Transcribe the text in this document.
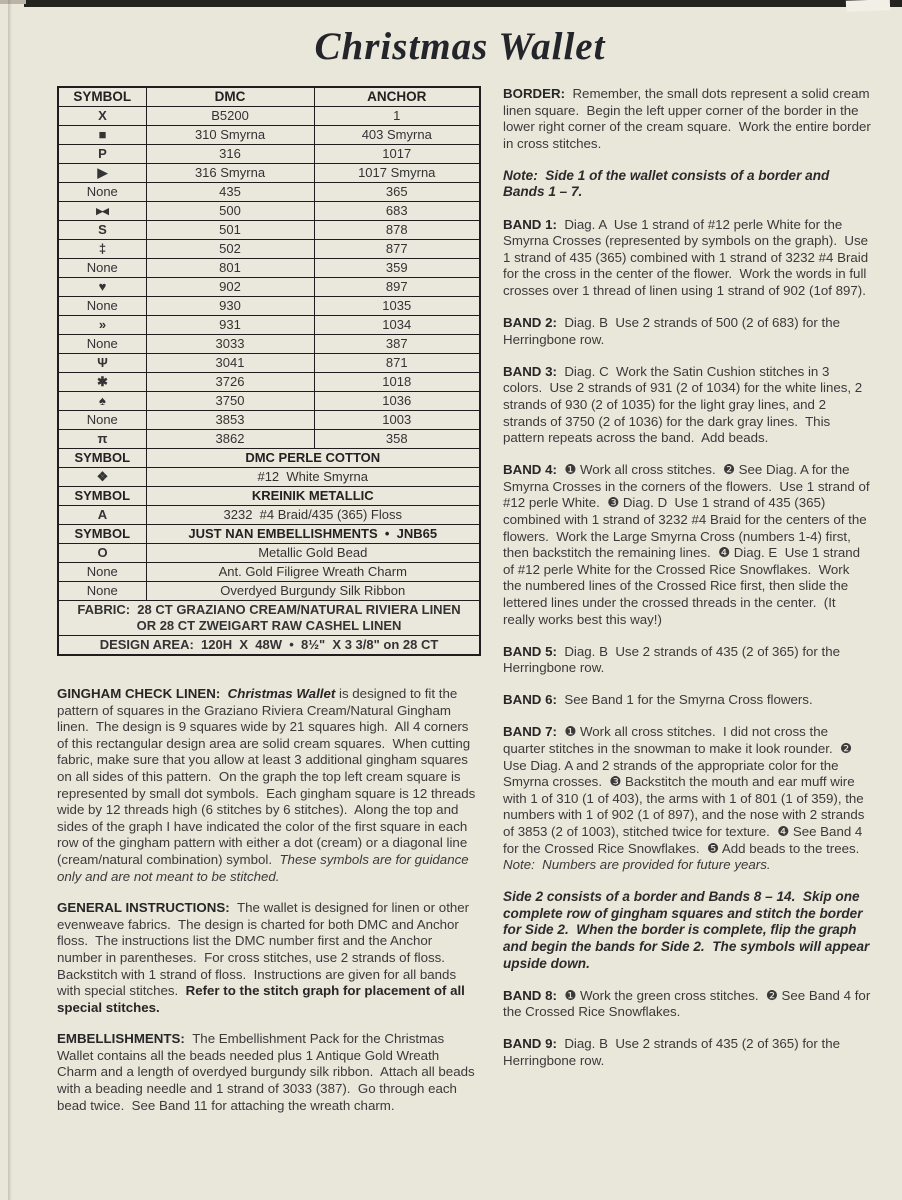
Christmas Wallet
SYMBOL	DMC	ANCHOR
X	B5200	1
■	310 Smyrna	403 Smyrna
P	316	1017
▶	316 Smyrna	1017 Smyrna
None	435	365
▸◂	500	683
S	501	878
‡	502	877
None	801	359
♥	902	897
None	930	1035
»	931	1034
None	3033	387
Ψ	3041	871
✱	3726	1018
♠	3750	1036
None	3853	1003
π	3862	358
SYMBOL	DMC PERLE COTTON	
❖	#12  White Smyrna	
SYMBOL	KREINIK METALLIC	
A	3232  #4 Braid/435 (365) Floss	
SYMBOL	JUST NAN EMBELLISHMENTS  •  JNB65	
O	Metallic Gold Bead	
None	Ant. Gold Filigree Wreath Charm	
None	Overdyed Burgundy Silk Ribbon	

FABRIC:  28 CT GRAZIANO CREAM/NATURAL RIVIERA LINEN
OR 28 CT ZWEIGART RAW CASHEL LINEN		

DESIGN AREA:  120H  X  48W  •  8½"  X 3 3/8" on 28 CT		

GINGHAM CHECK LINEN:  Christmas Wallet is designed to fit the pattern of squares in the Graziano Riviera Cream/Natural Gingham linen.  The design is 9 squares wide by 21 squares high.  All 4 corners of this rectangular design area are solid cream squares.  When cutting fabric, make sure that you allow at least 3 additional gingham squares on all sides of this pattern.  On the graph the top left cream square is represented by small dot symbols.  Each gingham square is 12 threads wide by 12 threads high (6 stitches by 6 stitches).  Along the top and sides of the graph I have indicated the color of the first square in each row of the gingham pattern with either a dot (cream) or a diagonal line (cream/natural combination) symbol.  These symbols are for guidance only and are not meant to be stitched.

GENERAL INSTRUCTIONS:  The wallet is designed for linen or other evenweave fabrics.  The design is charted for both DMC and Anchor floss.  The instructions list the DMC number first and the Anchor number in parentheses.  For cross stitches, use 2 strands of floss.  Backstitch with 1 strand of floss.  Instructions are given for all bands with special stitches.  Refer to the stitch graph for placement of all special stitches.

EMBELLISHMENTS:  The Embellishment Pack for the Christmas Wallet contains all the beads needed plus 1 Antique Gold Wreath Charm and a length of overdyed burgundy silk ribbon.  Attach all beads with a beading needle and 1 strand of 3033 (387).  Go through each bead twice.  See Band 11 for attaching the wreath charm.

BORDER:  Remember, the small dots represent a solid cream linen square.  Begin the left upper corner of the border in the lower right corner of the cream square.  Work the entire border in cross stitches.

Note:  Side 1 of the wallet consists of a border and Bands 1 – 7.

BAND 1:  Diag. A  Use 1 strand of #12 perle White for the Smyrna Crosses (represented by symbols on the graph).  Use 1 strand of 435 (365) combined with 1 strand of 3232 #4 Braid for the cross in the center of the flower.  Work the words in full crosses over 1 thread of linen using 1 strand of 902 (1of 897).

BAND 2:  Diag. B  Use 2 strands of 500 (2 of 683) for the Herringbone row.

BAND 3:  Diag. C  Work the Satin Cushion stitches in 3 colors.  Use 2 strands of 931 (2 of 1034) for the white lines, 2 strands of 930 (2 of 1035) for the light gray lines, and 2 strands of 3750 (2 of 1036) for the dark gray lines.  This pattern repeats across the band.  Add beads.

BAND 4:  ❶ Work all cross stitches.  ❷ See Diag. A for the Smyrna Crosses in the corners of the flowers.  Use 1 strand of #12 perle White.  ❸ Diag. D  Use 1 strand of 435 (365) combined with 1 strand of 3232 #4 Braid for the centers of the flowers.  Work the Large Smyrna Cross (numbers 1-4) first, then backstitch the remaining lines.  ❹ Diag. E  Use 1 strand of #12 perle White for the Crossed Rice Snowflakes.  Work the numbered lines of the Crossed Rice first, then slide the lettered lines under the crossed threads in the center.  (It really works best this way!)

BAND 5:  Diag. B  Use 2 strands of 435 (2 of 365) for the Herringbone row.

BAND 6:  See Band 1 for the Smyrna Cross flowers.

BAND 7:  ❶ Work all cross stitches.  I did not cross the quarter stitches in the snowman to make it look rounder.  ❷  Use Diag. A and 2 strands of the appropriate color for the Smyrna crosses.  ❸ Backstitch the mouth and ear muff wire with 1 of 310 (1 of 403), the arms with 1 of 801 (1 of 359), the numbers with 1 of 902 (1 of 897), and the nose with 2 strands of 3853 (2 of 1003), stitched twice for texture.  ❹ See Band 4 for the Crossed Rice Snowflakes.  ❺ Add beads to the trees.  Note:  Numbers are provided for future years.

Side 2 consists of a border and Bands 8 – 14.  Skip one complete row of gingham squares and stitch the border for Side 2.  When the border is complete, flip the graph and begin the bands for Side 2.  The symbols will appear upside down.

BAND 8:  ❶ Work the green cross stitches.  ❷ See Band 4 for the Crossed Rice Snowflakes.

BAND 9:  Diag. B  Use 2 strands of 435 (2 of 365) for the Herringbone row.
